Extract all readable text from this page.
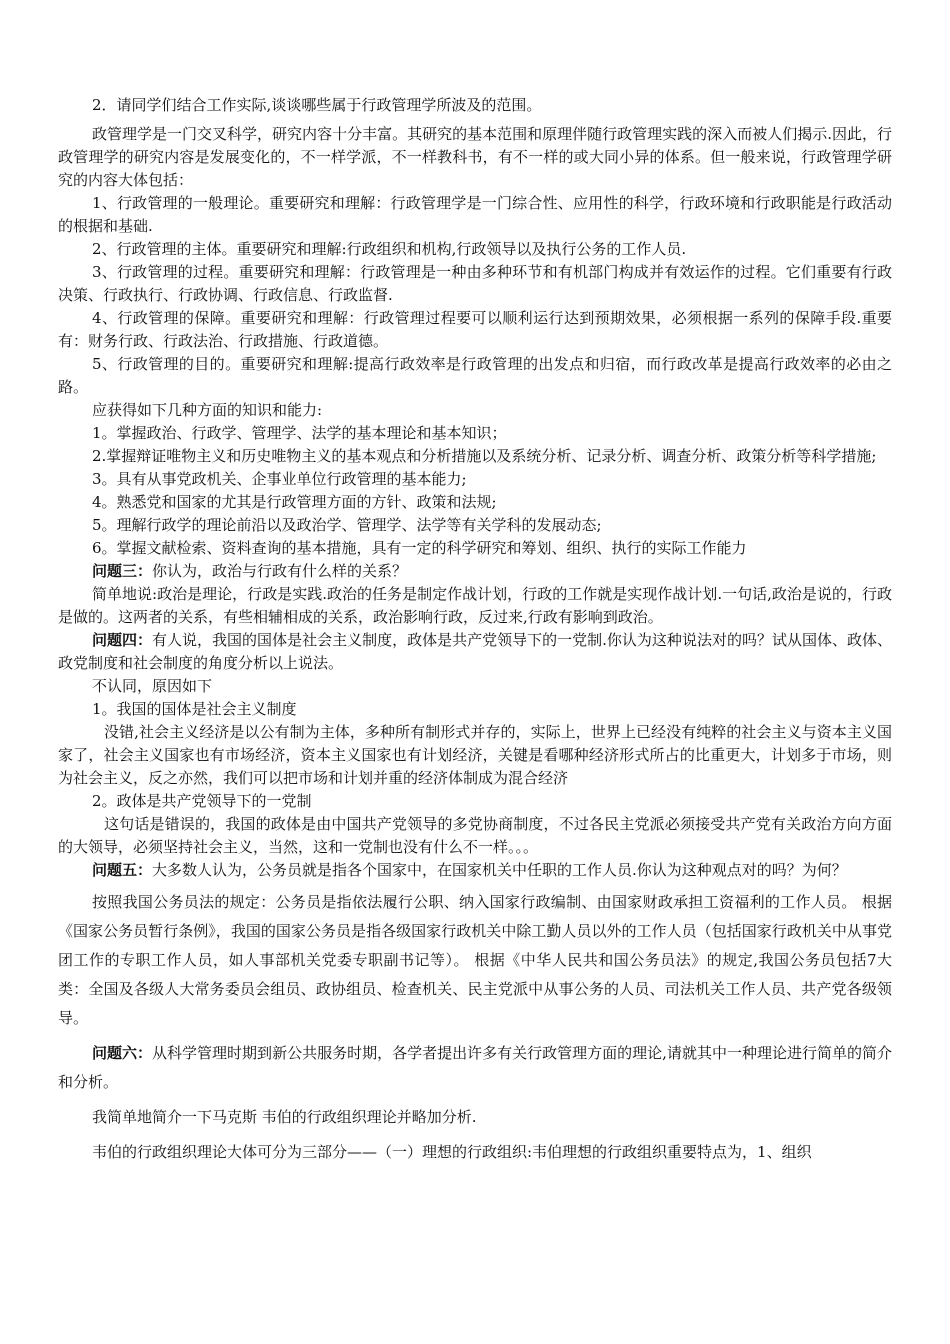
2．请同学们结合工作实际,谈谈哪些属于行政管理学所波及的范围。

政管理学是一门交叉科学，研究内容十分丰富。其研究的基本范围和原理伴随行政管理实践的深入而被人们揭示.因此，行政管理学的研究内容是发展变化的，不一样学派，不一样教科书，有不一样的或大同小异的体系。但一般来说，行政管理学研究的内容大体包括：

1、行政管理的一般理论。重要研究和理解：行政管理学是一门综合性、应用性的科学，行政环境和行政职能是行政活动的根据和基础.

2、行政管理的主体。重要研究和理解:行政组织和机构,行政领导以及执行公务的工作人员.

3、行政管理的过程。重要研究和理解：行政管理是一种由多种环节和有机部门构成并有效运作的过程。它们重要有行政决策、行政执行、行政协调、行政信息、行政监督.

4、行政管理的保障。重要研究和理解：行政管理过程要可以顺利运行达到预期效果，必须根据一系列的保障手段.重要有：财务行政、行政法治、行政措施、行政道德。

5、行政管理的目的。重要研究和理解:提高行政效率是行政管理的出发点和归宿，而行政改革是提高行政效率的必由之路。

应获得如下几种方面的知识和能力:

1。掌握政治、行政学、管理学、法学的基本理论和基本知识；

2.掌握辩证唯物主义和历史唯物主义的基本观点和分析措施以及系统分析、记录分析、调查分析、政策分析等科学措施;

3。具有从事党政机关、企事业单位行政管理的基本能力;

4。熟悉党和国家的尤其是行政管理方面的方针、政策和法规;

5。理解行政学的理论前沿以及政治学、管理学、法学等有关学科的发展动态;

6。掌握文献检索、资料查询的基本措施，具有一定的科学研究和筹划、组织、执行的实际工作能力

问题三：你认为，政治与行政有什么样的关系？

简单地说:政治是理论，行政是实践.政治的任务是制定作战计划，行政的工作就是实现作战计划.一句话,政治是说的，行政是做的。这两者的关系，有些相辅相成的关系，政治影响行政，反过来,行政有影响到政治。

问题四：有人说，我国的国体是社会主义制度，政体是共产党领导下的一党制.你认为这种说法对的吗？试从国体、政体、政党制度和社会制度的角度分析以上说法。

不认同，原因如下

1。我国的国体是社会主义制度

没错,社会主义经济是以公有制为主体，多种所有制形式并存的，实际上，世界上已经没有纯粹的社会主义与资本主义国家了，社会主义国家也有市场经济，资本主义国家也有计划经济，关键是看哪种经济形式所占的比重更大，计划多于市场，则为社会主义，反之亦然，我们可以把市场和计划并重的经济体制成为混合经济

2。政体是共产党领导下的一党制

这句话是错误的，我国的政体是由中国共产党领导的多党协商制度，不过各民主党派必须接受共产党有关政治方向方面的大领导，必须坚持社会主义，当然，这和一党制也没有什么不一样。。。

问题五：大多数人认为，公务员就是指各个国家中，在国家机关中任职的工作人员.你认为这种观点对的吗？为何？

按照我国公务员法的规定：公务员是指依法履行公职、纳入国家行政编制、由国家财政承担工资福利的工作人员。 根据《国家公务员暂行条例》，我国的国家公务员是指各级国家行政机关中除工勤人员以外的工作人员（包括国家行政机关中从事党团工作的专职工作人员，如人事部机关党委专职副书记等）。 根据《中华人民共和国公务员法》的规定,我国公务员包括7大类：全国及各级人大常务委员会组员、政协组员、检查机关、民主党派中从事公务的人员、司法机关工作人员、共产党各级领导。

问题六：从科学管理时期到新公共服务时期，各学者提出许多有关行政管理方面的理论,请就其中一种理论进行简单的简介和分析。

我简单地简介一下马克斯 韦伯的行政组织理论并略加分析.

韦伯的行政组织理论大体可分为三部分——（一）理想的行政组织:韦伯理想的行政组织重要特点为，1、组织
